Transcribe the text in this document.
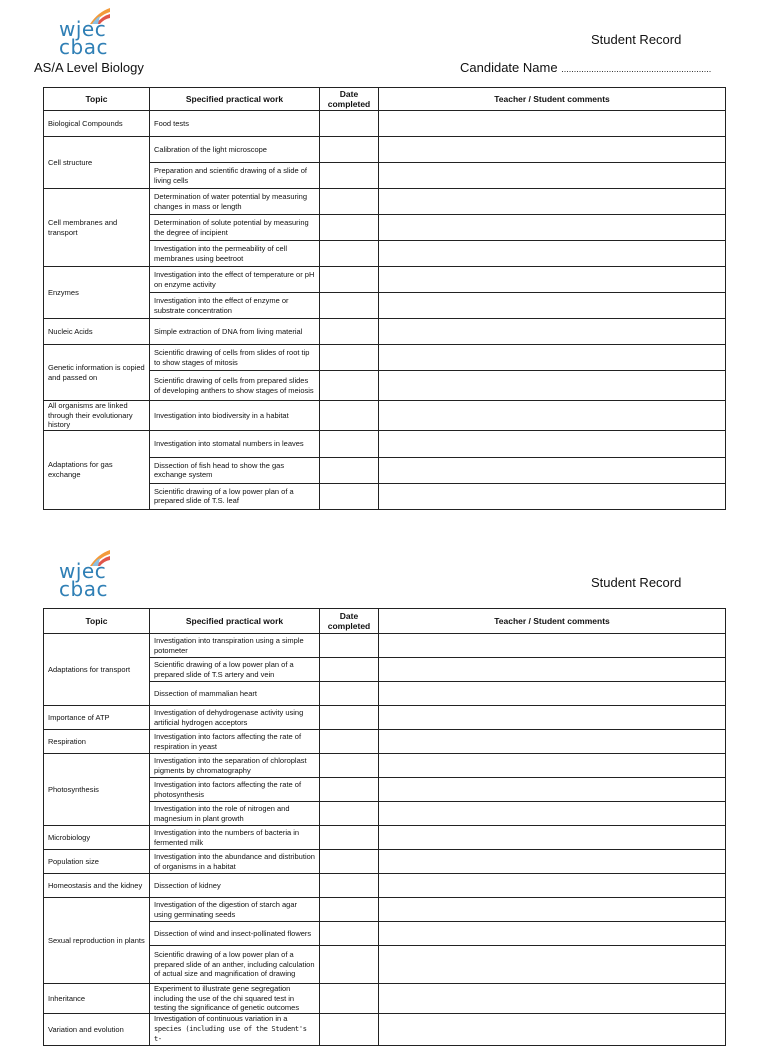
wjec
cbac	Student Record
AS/A Level Biology	Candidate Name ............................................................
Topic	Specified practical work	Date completed	Teacher / Student comments
Biological Compounds	Food tests		
Cell structure	Calibration of the light microscope		
	Preparation and scientific drawing of a slide of living cells		
Cell membranes and transport	Determination of water potential by measuring changes in mass or length		
	Determination of solute potential by measuring the degree of incipient		
	Investigation into the permeability of cell membranes using beetroot		
Enzymes	Investigation into the effect of temperature or pH on enzyme activity		
	Investigation into the effect of enzyme or substrate concentration		
Nucleic Acids	Simple extraction of DNA from living material		
Genetic information is copied and passed on	Scientific drawing of cells from slides of root tip to show stages of mitosis		
	Scientific drawing of cells from prepared slides of developing anthers to show stages of meiosis		
All organisms are linked through their evolutionary history	Investigation into biodiversity in a habitat		
Adaptations for gas exchange	Investigation into stomatal numbers in leaves		
	Dissection of fish head to show the gas exchange system		
	Scientific drawing of a low power plan of a prepared slide of T.S. leaf		
wjec
cbac	Student Record
Topic	Specified practical work	Date completed	Teacher / Student comments
Adaptations for transport	Investigation into transpiration using a simple potometer		
	Scientific drawing of a low power plan of a prepared slide of T.S artery and vein		
	Dissection of mammalian heart		
Importance of ATP	Investigation of dehydrogenase activity using artificial hydrogen acceptors		
Respiration	Investigation into factors affecting the rate of respiration in yeast		
Photosynthesis	Investigation into the separation of chloroplast pigments by chromatography		
	Investigation into factors affecting the rate of photosynthesis		
	Investigation into the role of nitrogen and magnesium in plant growth		
Microbiology	Investigation into the numbers of bacteria in fermented milk		
Population size	Investigation into the abundance and distribution of organisms in a habitat		
Homeostasis and the kidney	Dissection of kidney		
Sexual reproduction in plants	Investigation of the digestion of starch agar using germinating seeds		
	Dissection of wind and insect-pollinated flowers		
	Scientific drawing of a low power plan of a prepared slide of an anther, including calculation of actual size and magnification of drawing		
Inheritance	Experiment to illustrate gene segregation including the use of the chi squared test in testing the significance of genetic outcomes		
Variation and evolution	Investigation of continuous variation in a
species (including use of the Student's t-		
